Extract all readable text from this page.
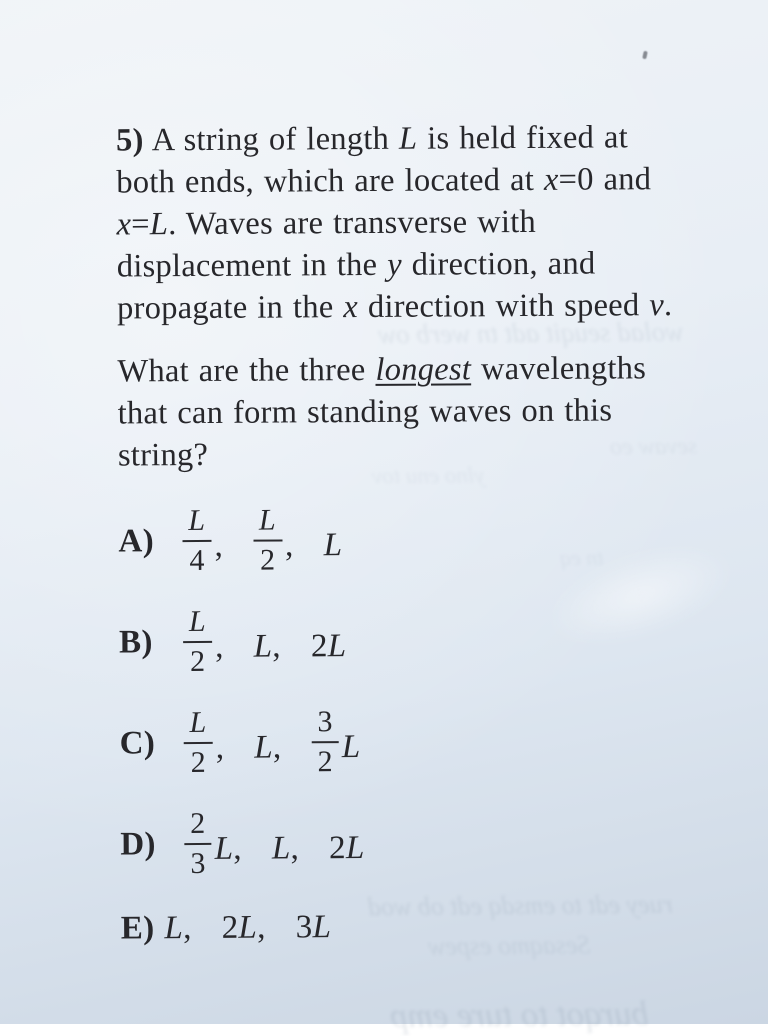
wolad seuqit adt tn werb ow
sevaw eo
ylno enu tov
tn eq
ruey edt to emsdq edt ob wod
Sesaqmo espew
burqot to ture emp
5) A string of length L is held fixed at
both ends, which are located at x=0 and
x=L. Waves are transverse with
displacement in the y direction, and
propagate in the x direction with speed v.
What are the three longest wavelengths
that can form standing waves on this
string?
$A) \frac{L}{4}$ , $\frac{L}{2}$ , L
B)	$\frac{L}{2}$ , L, 2L
$C) \frac{L}{2}$ , L, $\frac{3}{2}$ L
$D) \frac{2}{3} L$, L, 2L
E) L, 2L, 3L
